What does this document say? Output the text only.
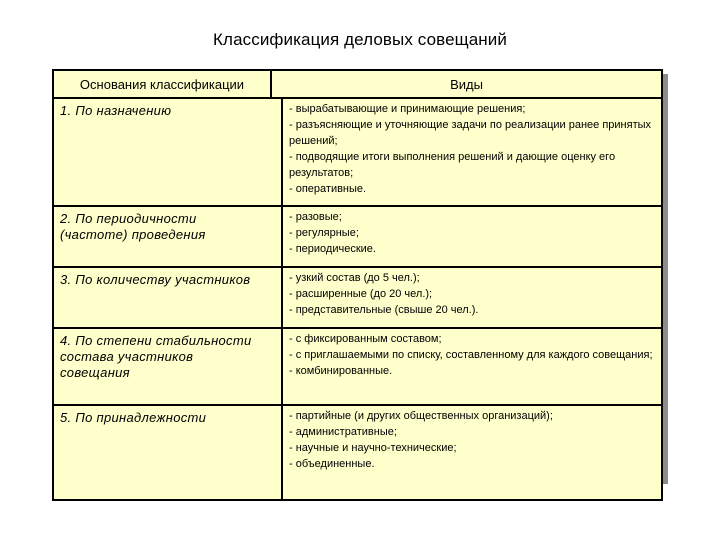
Классификация деловых совещаний
Основания классификации	Виды	
1. По назначению		- вырабатывающие и принимающие решения;
- разъясняющие и уточняющие задачи по реализации ранее принятых решений;
- подводящие итоги выполнения решений и дающие оценку его результатов;
- оперативные.

2. По периодичности (частоте) проведения		- разовые;
- регулярные;
- периодические.

3. По количеству участников		- узкий состав (до 5 чел.);
- расширенные (до 20 чел.);
- представительные (свыше 20 чел.).

4. По степени стабильности состава участников совещания		- с фиксированным составом;
- с приглашаемыми по списку, составленному для каждого совещания;
- комбинированные.

5. По принадлежности		- партийные (и других общественных организаций);
- административные;
- научные и научно-технические;
- объединенные.
